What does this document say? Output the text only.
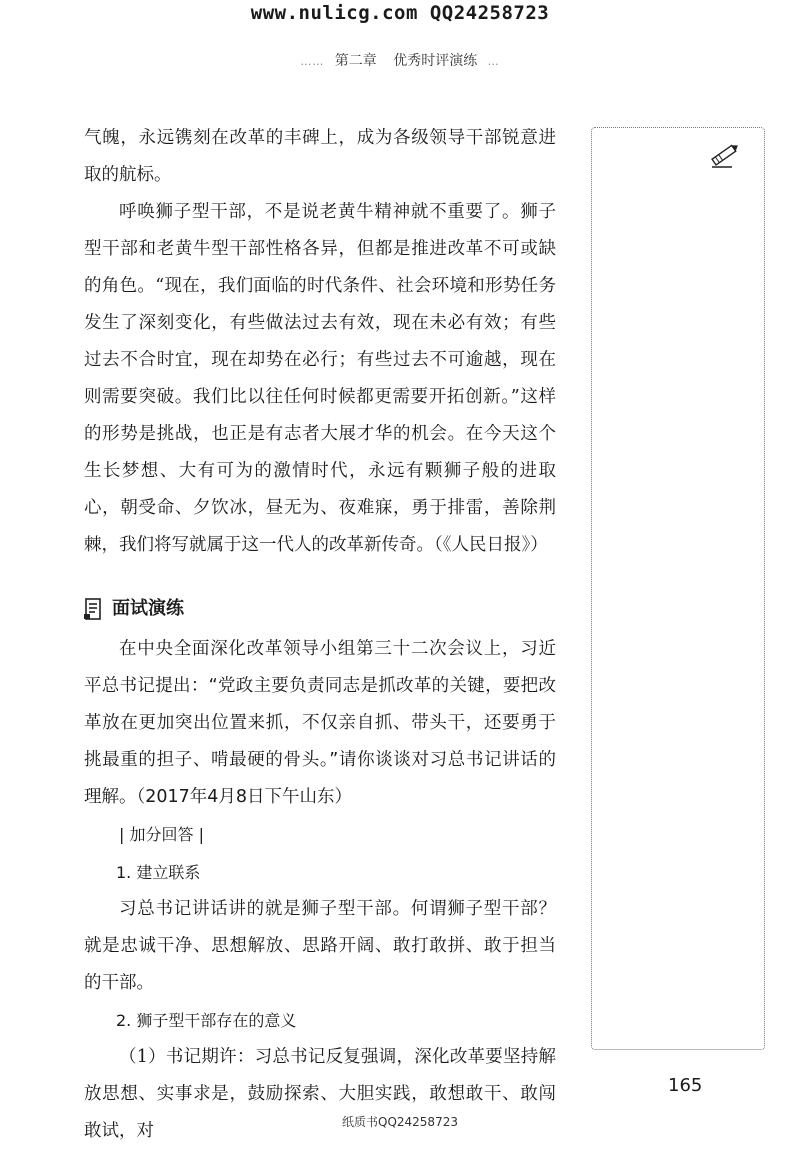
www.nulicg.com QQ24258723
…… 第二章 优秀时评演练 …

气魄，永远镌刻在改革的丰碑上，成为各级领导干部锐意进取的航标。

呼唤狮子型干部，不是说老黄牛精神就不重要了。狮子型干部和老黄牛型干部性格各异，但都是推进改革不可或缺的角色。“现在，我们面临的时代条件、社会环境和形势任务发生了深刻变化，有些做法过去有效，现在未必有效；有些过去不合时宜，现在却势在必行；有些过去不可逾越，现在则需要突破。我们比以往任何时候都更需要开拓创新。”这样的形势是挑战，也正是有志者大展才华的机会。在今天这个生长梦想、大有可为的激情时代，永远有颗狮子般的进取心，朝受命、夕饮冰，昼无为、夜难寐，勇于排雷，善除荆棘，我们将写就属于这一代人的改革新传奇。（《人民日报》）

面试演练

在中央全面深化改革领导小组第三十二次会议上，习近平总书记提出：“党政主要负责同志是抓改革的关键，要把改革放在更加突出位置来抓，不仅亲自抓、带头干，还要勇于挑最重的担子、啃最硬的骨头。”请你谈谈对习总书记讲话的理解。（2017年4月8日下午山东）

| 加分回答 |

1. 建立联系

习总书记讲话讲的就是狮子型干部。何谓狮子型干部？就是忠诚干净、思想解放、思路开阔、敢打敢拼、敢于担当的干部。

2. 狮子型干部存在的意义

（1）书记期许：习总书记反复强调，深化改革要坚持解放思想、实事求是，鼓励探索、大胆实践，敢想敢干、敢闯敢试，对

165
纸质书QQ24258723
